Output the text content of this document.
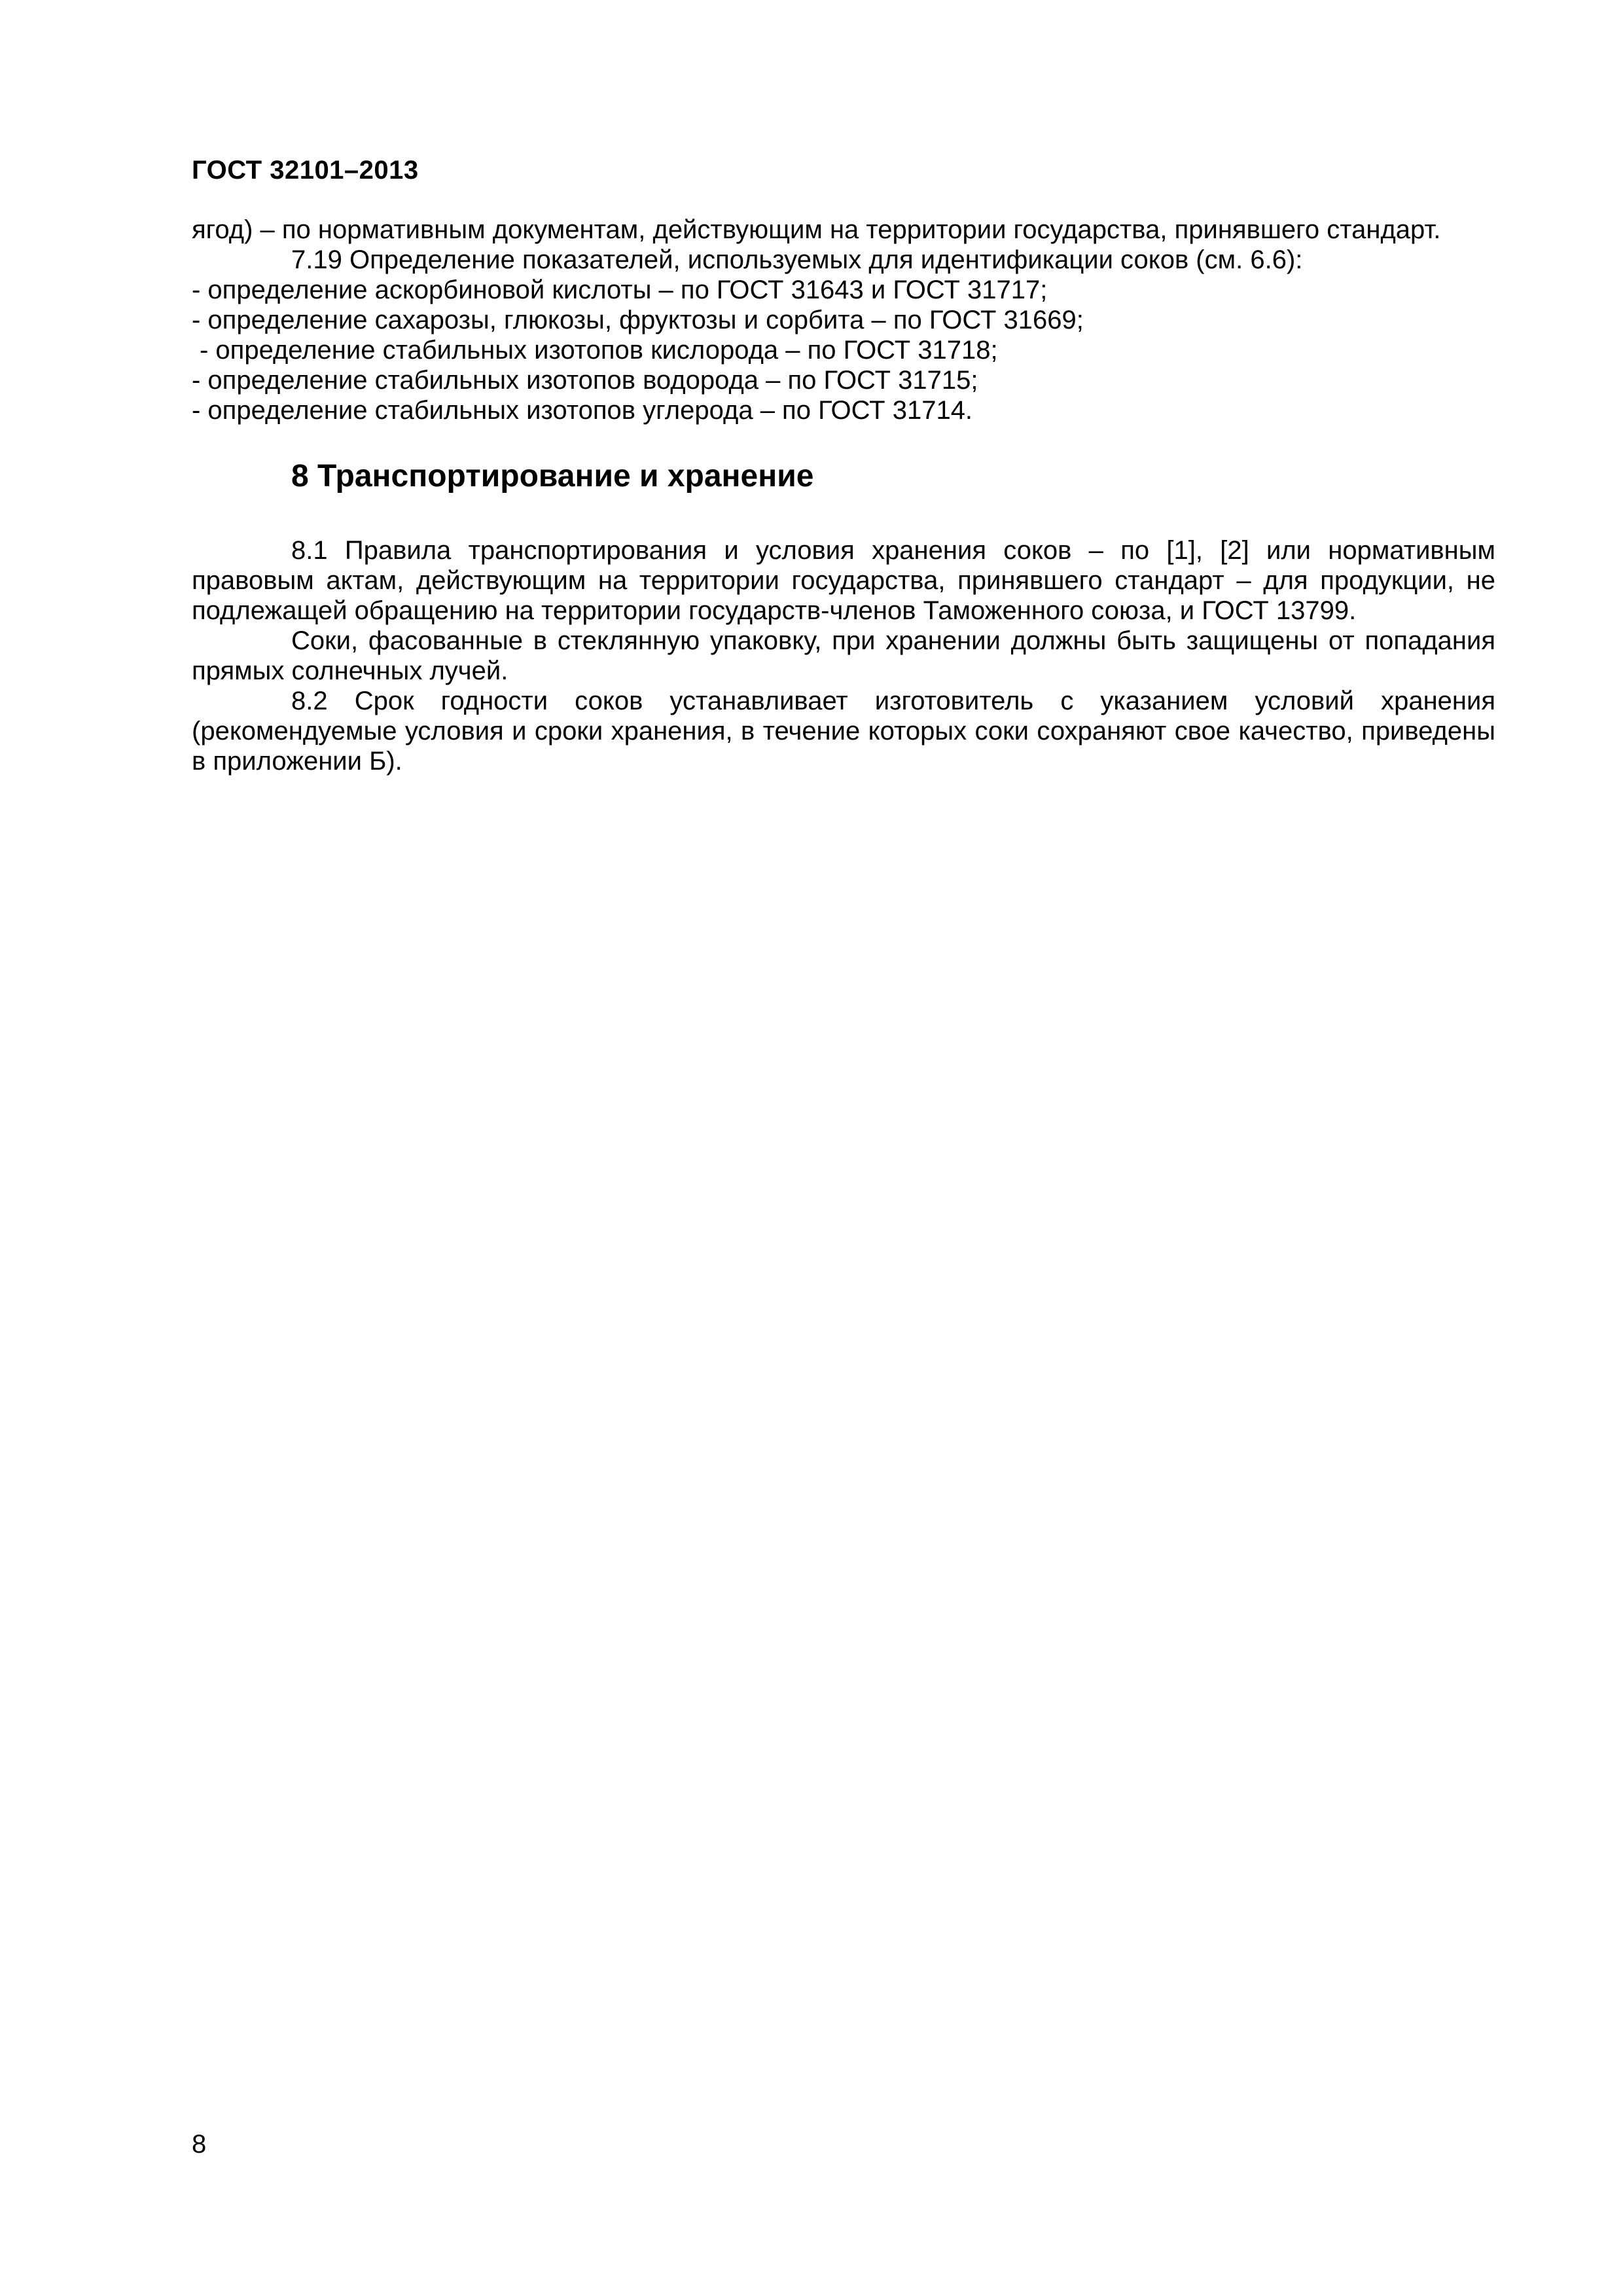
ГОСТ 32101–2013

ягод) – по нормативным документам, действующим на территории государства, принявшего стандарт.

7.19 Определение показателей, используемых для идентификации соков (см. 6.6):

- определение аскорбиновой кислоты – по ГОСТ 31643 и ГОСТ 31717;

- определение сахарозы, глюкозы, фруктозы и сорбита – по ГОСТ 31669;

- определение стабильных изотопов кислорода – по ГОСТ 31718;

- определение стабильных изотопов водорода – по ГОСТ 31715;

- определение стабильных изотопов углерода – по ГОСТ 31714.

8 Транспортирование и хранение

8.1 Правила транспортирования и условия хранения соков – по [1], [2] или нормативным правовым актам, действующим на территории государства, принявшего стандарт – для продукции, не подлежащей обращению на территории государств-членов Таможенного союза, и ГОСТ 13799.

Соки, фасованные в стеклянную упаковку, при хранении должны быть защищены от попадания прямых солнечных лучей.

8.2 Срок годности соков устанавливает изготовитель с указанием условий хранения (рекомендуемые условия и сроки хранения, в течение которых соки сохраняют свое качество, приведены в приложении Б).

8
